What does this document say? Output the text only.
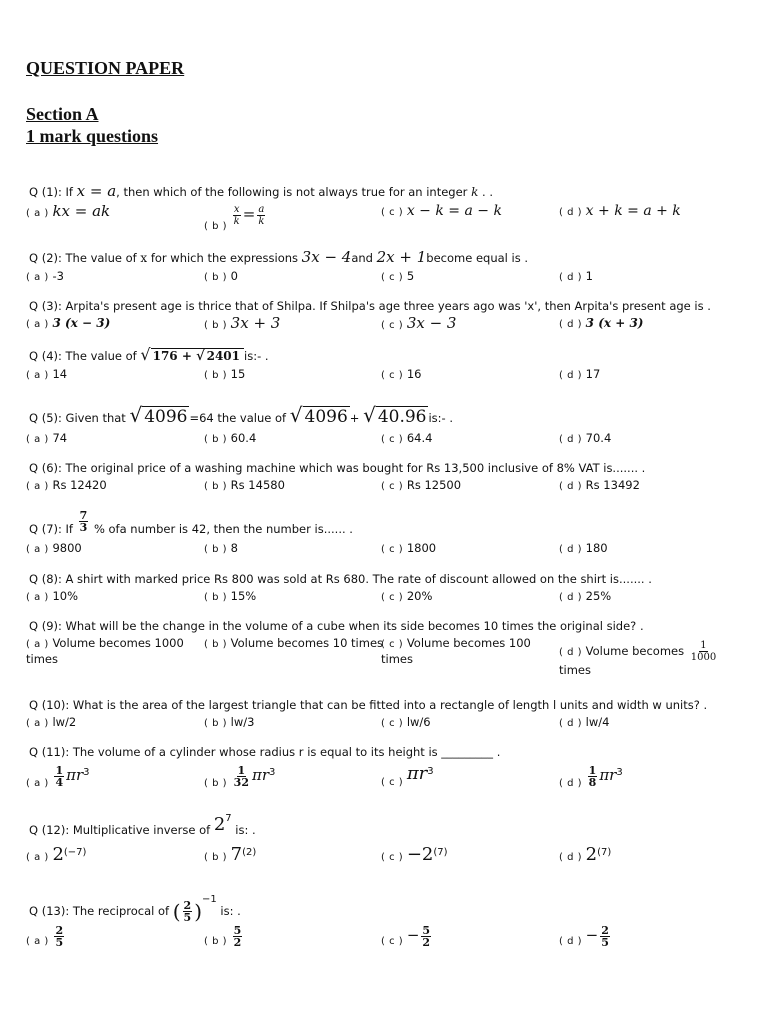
QUESTION PAPER
Section A
1 mark questions
Q (1): If x = a, then which of the following is not always true for an integer k . .
( a ) kx = ak
( b ) $\frac{x}{k} = \frac{a}{k}$	( c ) x − k = a − k	( d ) x + k = a + k
Q (2): The value of x for which the expressions 3x − 4and 2x + 1become equal is .
( a ) -3	( b ) 0	( c ) 5	( d ) 1
Q (3): Arpita's present age is thrice that of Shilpa. If Shilpa's age three years ago was 'x', then Arpita's present age is .
( a ) 3 (x − 3)	( b ) 3x + 3	( c ) 3x − 3	( d ) 3 (x + 3)
Q (4): The value of √ 176 + √ 2401 is:- .
( a ) 14	( b ) 15	( c ) 16	( d ) 17
Q (5): Given that √ 4096 =64 the value of √ 4096 + √ 40.96 is:- .
( a ) 74	( b ) 60.4	( c ) 64.4	( d ) 70.4
Q (6): The original price of a washing machine which was bought for Rs 13,500 inclusive of 8% VAT is....... .
( a ) Rs 12420	( b ) Rs 14580	( c ) Rs 12500	( d ) Rs 13492
Q (7): If $\frac{7}{3}$ % ofa number is 42, then the number is...... .
( a ) 9800	( b ) 8	( c ) 1800	( d ) 180
Q (8): A shirt with marked price Rs 800 was sold at Rs 680. The rate of discount allowed on the shirt is....... .
( a ) 10%	( b ) 15%	( c ) 20%	( d ) 25%
Q (9): What will be the change in the volume of a cube when its side becomes 10 times the original side? .
( a ) Volume becomes 1000
times
( b ) Volume becomes 10 times
( c ) Volume becomes 100
times	( d ) Volume becomes $\frac{1}{1000}$

times
Q (10): What is the area of the largest triangle that can be fitted into a rectangle of length l units and width w units? .
( a ) lw/2	( b ) lw/3	( c ) lw/6	( d ) lw/4
Q (11): The volume of a cylinder whose radius r is equal to its height is _________ .
( a ) $\frac{1}{4} \pi r^3$
( b ) $\frac{1}{32} \pi r^3$
( c ) $\pi r^3$
( d ) $\frac{1}{8} \pi r^3$
Q (12): Multiplicative inverse of $2^7$ is: .
( a ) $2^{(-7)}$	( b ) 7$^{(2)}$	( c ) $-2^{(7)}$	( d ) 2$^{(7)}$
Q (13): The reciprocal of ( $\frac{2}{5} )^{-1}$ is: .
( a ) $\frac{2}{5}$	( b ) $\frac{5}{2}$	( c ) − $\frac{5}{2}$	( d ) − $\frac{2}{5}$
